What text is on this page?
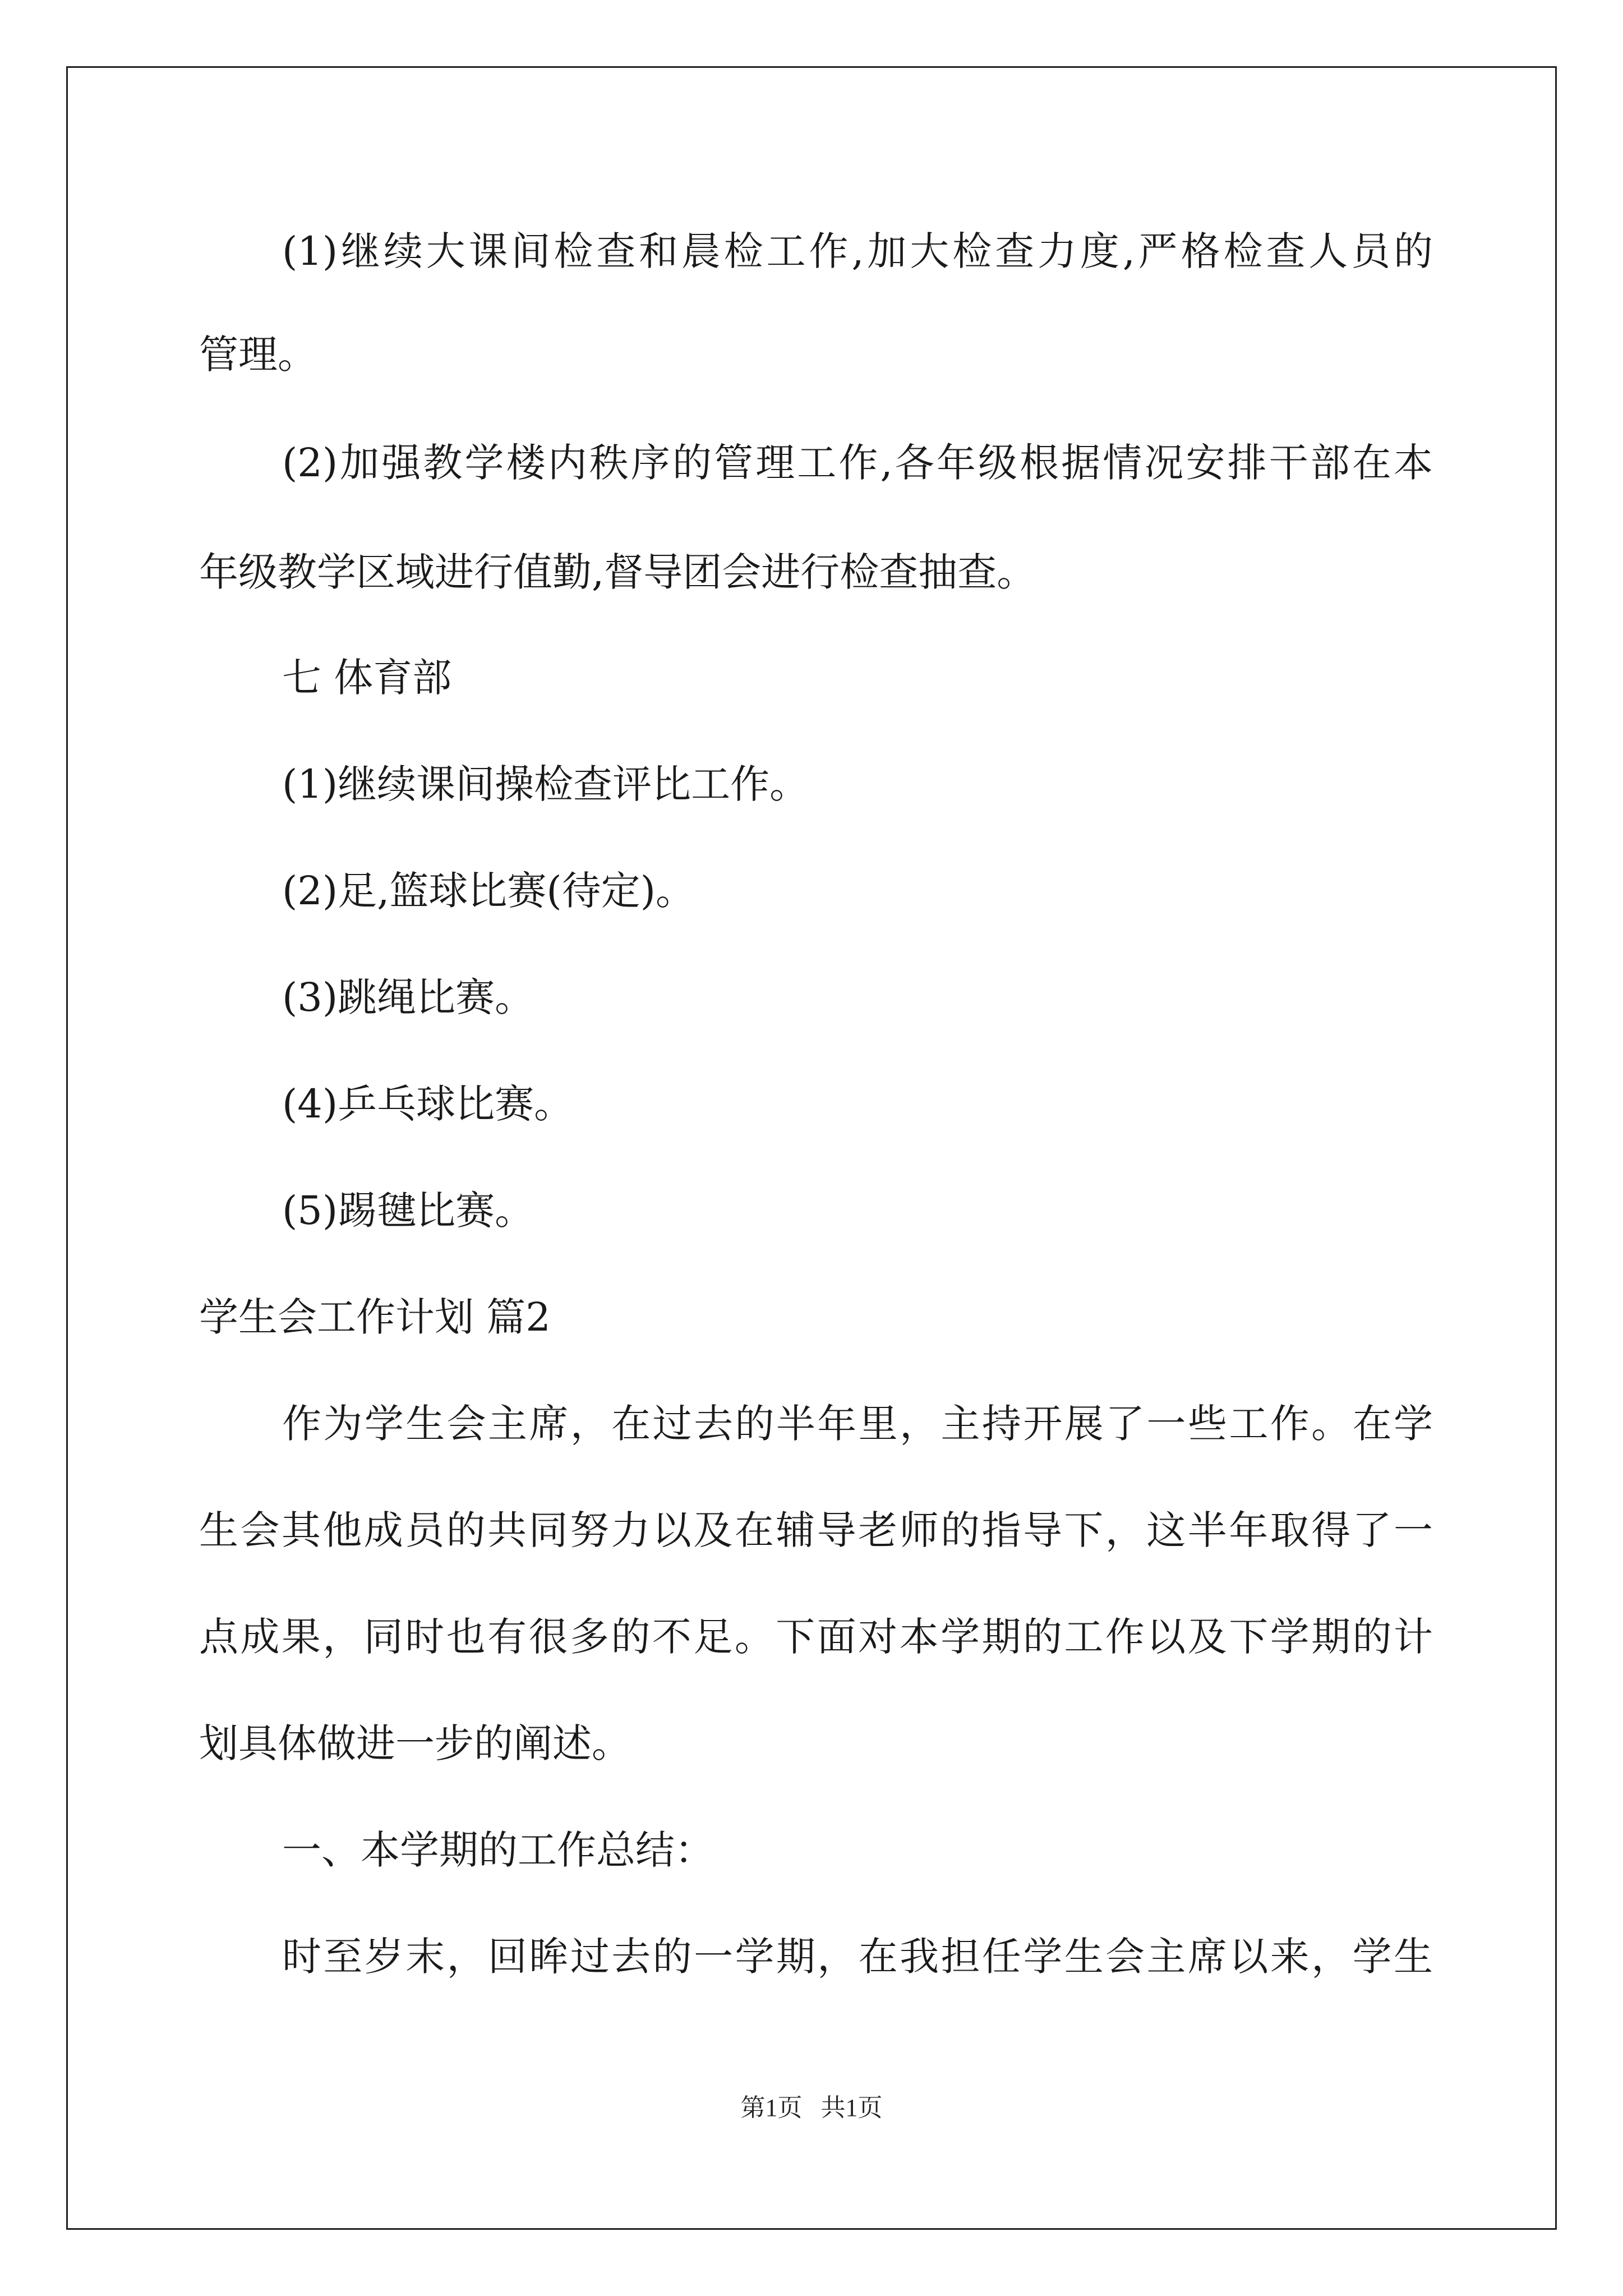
(1)继续大课间检查和晨检工作,加大检查力度,严格检查人员的
管理。
(2)加强教学楼内秩序的管理工作,各年级根据情况安排干部在本
年级教学区域进行值勤,督导团会进行检查抽查。
七 体育部
(1)继续课间操检查评比工作。
(2)足,篮球比赛(待定)。
(3)跳绳比赛。
(4)乒乓球比赛。
(5)踢毽比赛。
学生会工作计划 篇2
作为学生会主席，在过去的半年里，主持开展了一些工作。在学
生会其他成员的共同努力以及在辅导老师的指导下，这半年取得了一
点成果，同时也有很多的不足。下面对本学期的工作以及下学期的计
划具体做进一步的阐述。
一、本学期的工作总结：
时至岁末，回眸过去的一学期，在我担任学生会主席以来，学生
第1页   共1页
